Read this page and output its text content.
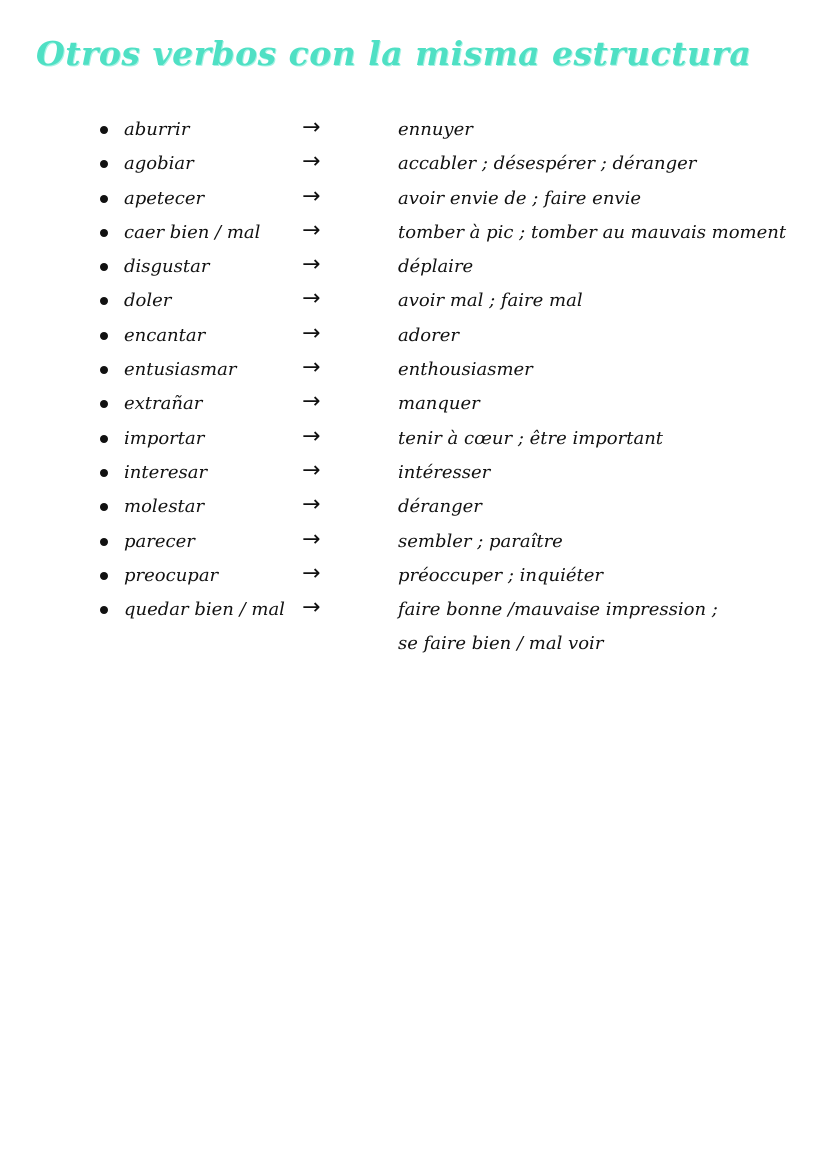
Otros verbos con la misma estructura
aburrir	→	ennuyer
agobiar	→	accabler ; désespérer ; déranger
apetecer	→	avoir envie de ; faire envie
caer bien / mal →	tomber à pic ; tomber au mauvais moment
disgustar	→	déplaire
doler	→	avoir mal ; faire mal
encantar	→	adorer
entusiasmar	→	enthousiasmer
extrañar	→	manquer
importar	→	tenir à cœur ; être important
interesar	→	intéresser
molestar	→	déranger
parecer	→	sembler ; paraître
preocupar	→	préoccuper ; inquiéter
quedar bien / mal →	faire bonne /mauvaise impression ;
se faire bien / mal voir
